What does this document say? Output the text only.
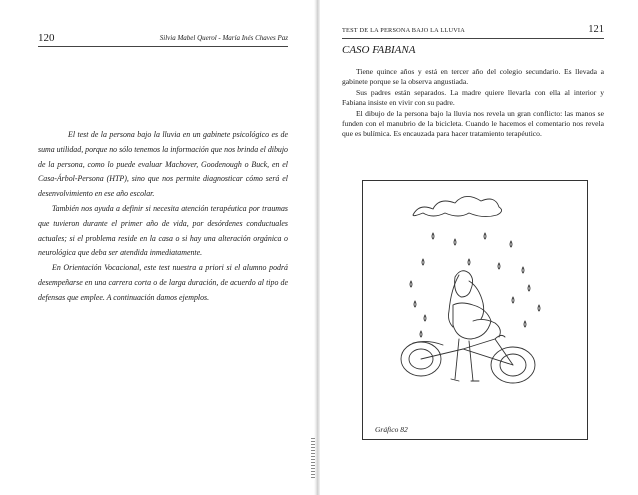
120	Silvia Mabel Querol - María Inés Chaves Paz

El test de la persona bajo la lluvia en un gabinete psicológico es de suma utilidad, porque no sólo tenemos la información que nos brinda el dibujo de la persona, como lo puede evaluar Machover, Goodenough o Buck, en el Casa-Árbol-Persona (HTP), sino que nos permite diagnosticar cómo será el desenvolvimiento en ese año escolar.

También nos ayuda a definir si necesita atención terapéutica por traumas que tuvieron durante el primer año de vida, por desórdenes conductuales actuales; si el problema reside en la casa o si hay una alteración orgánica o neurológica que deba ser atendida inmediatamente.

En Orientación Vocacional, este test nuestra a priori si el alumno podrá desempeñarse en una carrera corta o de larga duración, de acuerdo al tipo de defensas que emplee. A continuación damos ejemplos.

TEST DE LA PERSONA BAJO LA LLUVIA	121
CASO FABIANA

Tiene quince años y está en tercer año del colegio secundario. Es llevada a gabinete porque se la observa angustiada.

Sus padres están separados. La madre quiere llevarla con ella al interior y Fabiana insiste en vivir con su padre.

El dibujo de la persona bajo la lluvia nos revela un gran conflicto: las manos se funden con el manubrio de la bicicleta. Cuando le hacemos el comentario nos revela que es bulímica. Es encauzada para hacer tratamiento terapéutico.

Gráfico 82
